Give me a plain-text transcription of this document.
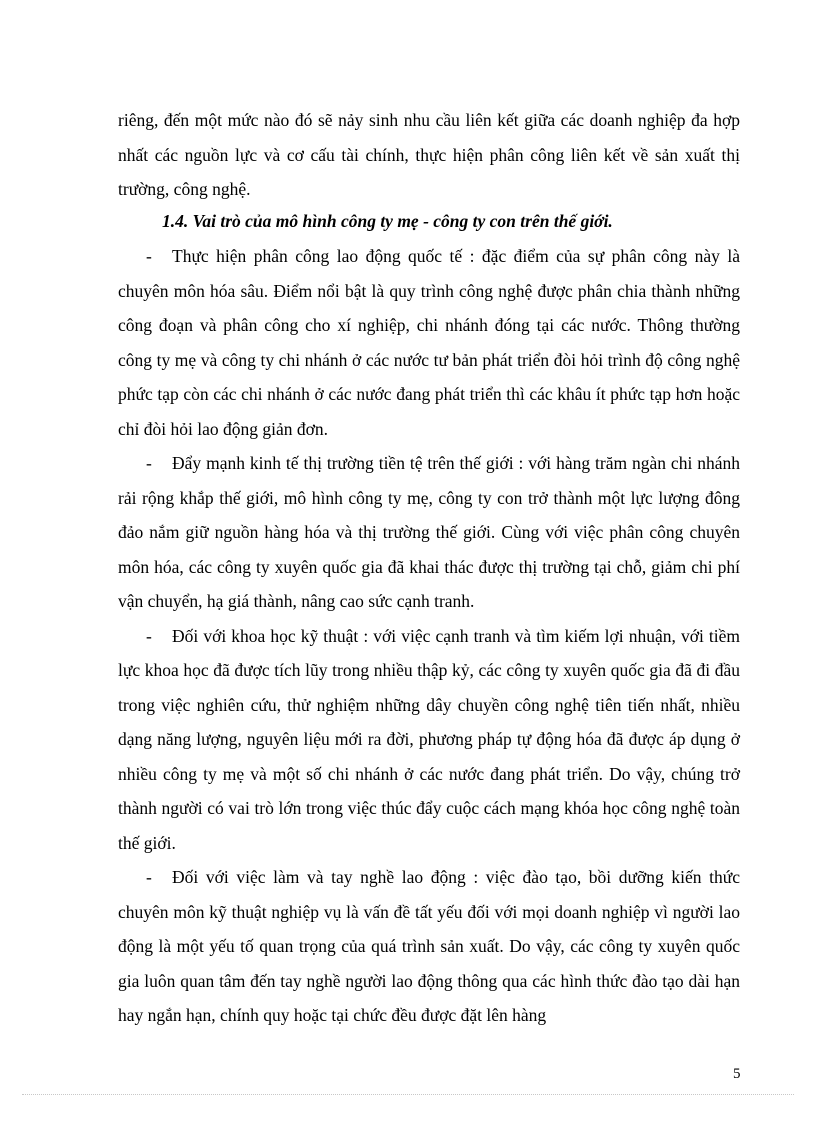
riêng, đến một mức nào đó sẽ nảy sinh nhu cầu liên kết giữa các doanh nghiệp đa hợp nhất các nguồn lực và cơ cấu tài chính, thực hiện phân công liên kết về sản xuất thị trường, công nghệ.

1.4. Vai trò của mô hình công ty mẹ - công ty con trên thế giới.

- Thực hiện phân công lao động quốc tế : đặc điểm của sự phân công này là chuyên môn hóa sâu. Điểm nổi bật là quy trình công nghệ được phân chia thành những công đoạn và phân công cho xí nghiệp, chi nhánh đóng tại các nước. Thông thường công ty mẹ và công ty chi nhánh ở các nước tư bản phát triển đòi hỏi trình độ công nghệ phức tạp còn các chi nhánh ở các nước đang phát triển thì các khâu ít phức tạp hơn hoặc chỉ đòi hỏi lao động giản đơn.

- Đẩy mạnh kinh tế thị trường tiền tệ trên thế giới : với hàng trăm ngàn chi nhánh rải rộng khắp thế giới, mô hình công ty mẹ, công ty con trở thành một lực lượng đông đảo nắm giữ nguồn hàng hóa và thị trường thế giới. Cùng với việc phân công chuyên môn hóa, các công ty xuyên quốc gia đã khai thác được thị trường tại chỗ, giảm chi phí vận chuyển, hạ giá thành, nâng cao sức cạnh tranh.

- Đối với khoa học kỹ thuật : với việc cạnh tranh và tìm kiếm lợi nhuận, với tiềm lực khoa học đã được tích lũy trong nhiều thập kỷ, các công ty xuyên quốc gia đã đi đầu trong việc nghiên cứu, thử nghiệm những dây chuyền công nghệ tiên tiến nhất, nhiều dạng năng lượng, nguyên liệu mới ra đời, phương pháp tự động hóa đã được áp dụng ở nhiều công ty mẹ và một số chi nhánh ở các nước đang phát triển. Do vậy, chúng trở thành người có vai trò lớn trong việc thúc đẩy cuộc cách mạng khóa học công nghệ toàn thế giới.

- Đối với việc làm và tay nghề lao động : việc đào tạo, bồi dưỡng kiến thức chuyên môn kỹ thuật nghiệp vụ là vấn đề tất yếu đối với mọi doanh nghiệp vì người lao động là một yếu tố quan trọng của quá trình sản xuất. Do vậy, các công ty xuyên quốc gia luôn quan tâm đến tay nghề người lao động thông qua các hình thức đào tạo dài hạn hay ngắn hạn, chính quy hoặc tại chức đều được đặt lên hàng

5
